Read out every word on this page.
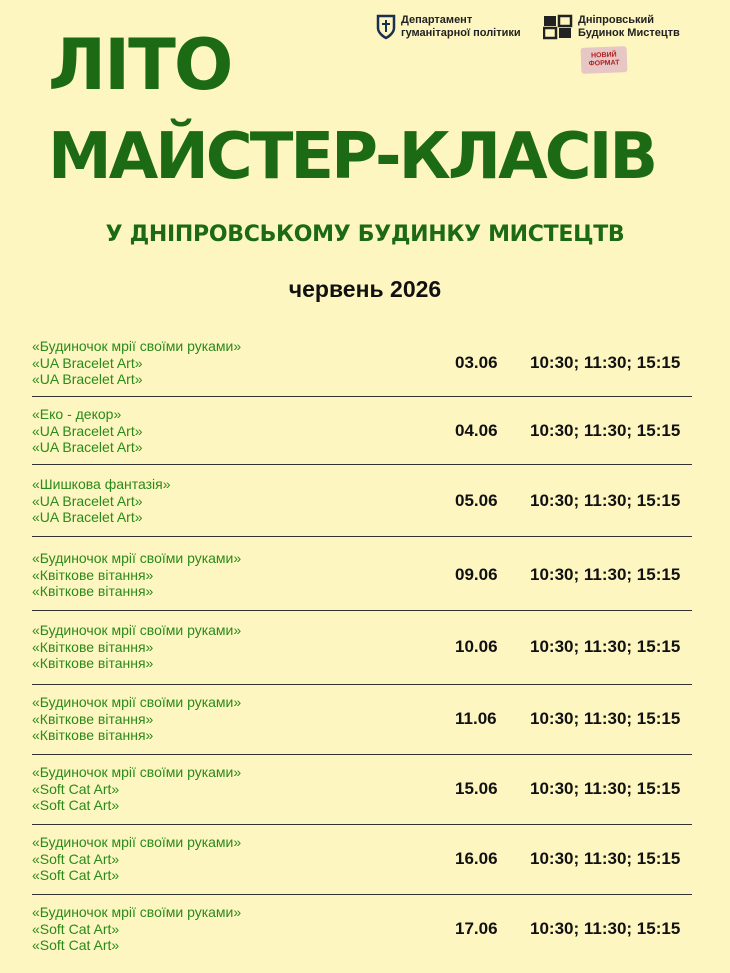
Департамент
гуманітарної політики
Дніпровський
Будинок Мистецтв
НОВИЙ
ФОРМАТ
ЛІТО
МАЙСТЕР-КЛАСІВ
У ДНІПРОВСЬКОМУ БУДИНКУ МИСТЕЦТВ
червень 2026
«Будиночок мрії своїми руками»
«UA Bracelet Art»
«UA Bracelet Art»
03.06	10:30; 11:30; 15:15
«Еко - декор»
«UA Bracelet Art»
«UA Bracelet Art»
04.06	10:30; 11:30; 15:15
«Шишкова фантазія»
«UA Bracelet Art»
«UA Bracelet Art»
05.06	10:30; 11:30; 15:15
«Будиночок мрії своїми руками»
«Квіткове вітання»
«Квіткове вітання»
09.06	10:30; 11:30; 15:15
«Будиночок мрії своїми руками»
«Квіткове вітання»
«Квіткове вітання»
10.06	10:30; 11:30; 15:15
«Будиночок мрії своїми руками»
«Квіткове вітання»
«Квіткове вітання»
11.06	10:30; 11:30; 15:15
«Будиночок мрії своїми руками»
«Soft Cat Art»
«Soft Cat Art»
15.06	10:30; 11:30; 15:15
«Будиночок мрії своїми руками»
«Soft Cat Art»
«Soft Cat Art»
16.06	10:30; 11:30; 15:15
«Будиночок мрії своїми руками»
«Soft Cat Art»
«Soft Cat Art»
17.06	10:30; 11:30; 15:15
